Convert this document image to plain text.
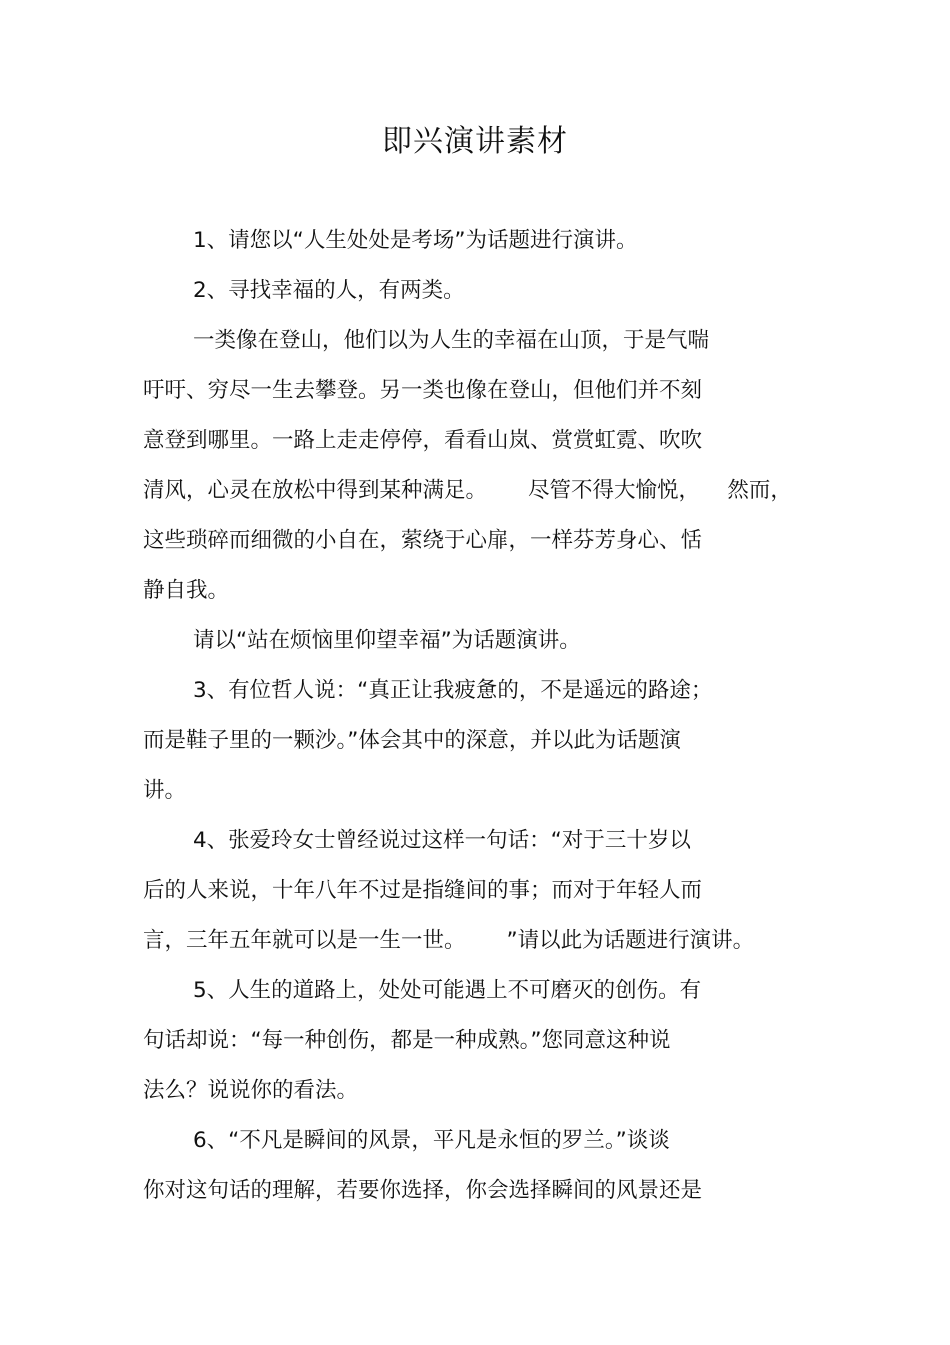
即兴演讲素材
1、请您以“人生处处是考场”为话题进行演讲。
2、寻找幸福的人，有两类。
一类像在登山，他们以为人生的幸福在山顶，于是气喘
吁吁、穷尽一生去攀登。另一类也像在登山，但他们并不刻
意登到哪里。一路上走走停停，看看山岚、赏赏虹霓、吹吹
清风，心灵在放松中得到某种满足。      尽管不得大愉悦，    然而，
这些琐碎而细微的小自在，萦绕于心扉，一样芬芳身心、恬
静自我。
请以“站在烦恼里仰望幸福”为话题演讲。
3、有位哲人说：“真正让我疲惫的，不是遥远的路途；
而是鞋子里的一颗沙。”体会其中的深意，并以此为话题演
讲。
4、张爱玲女士曾经说过这样一句话：“对于三十岁以
后的人来说，十年八年不过是指缝间的事；而对于年轻人而
言，三年五年就可以是一生一世。      ”请以此为话题进行演讲。
5、人生的道路上，处处可能遇上不可磨灭的创伤。有
句话却说：“每一种创伤，都是一种成熟。”您同意这种说
法么？说说你的看法。
6、“不凡是瞬间的风景，平凡是永恒的罗兰。”谈谈
你对这句话的理解，若要你选择，你会选择瞬间的风景还是
